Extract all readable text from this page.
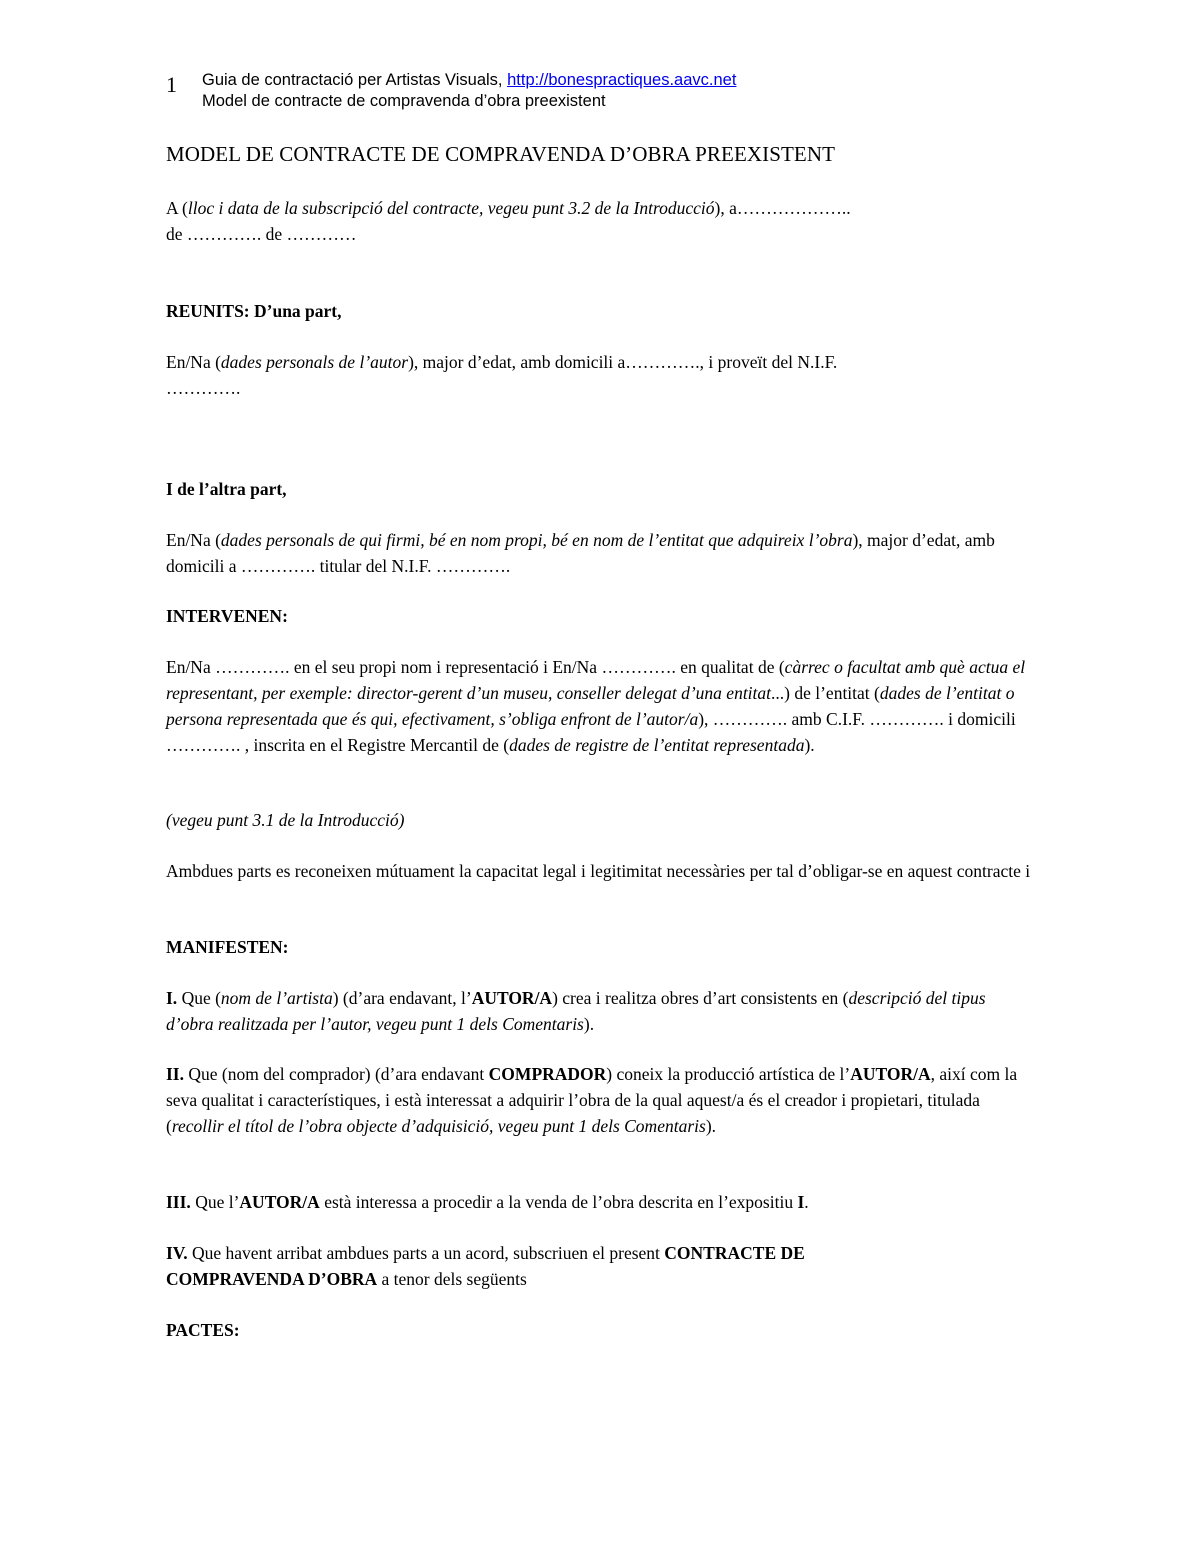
1 Guia de contractació per Artistas Visuals, http://bonespractiques.aavc.net
Model de contracte de compravenda d’obra preexistent
MODEL DE CONTRACTE DE COMPRAVENDA D’OBRA PREEXISTENT
A (lloc i data de la subscripció del contracte, vegeu punt 3.2 de la Introducció), a………………..
de …………. de …………
REUNITS: D’una part,
En/Na (dades personals de l’autor), major d’edat, amb domicili a…………., i proveït del N.I.F.
………….
I de l’altra part,
En/Na (dades personals de qui firmi, bé en nom propi, bé en nom de l’entitat que adquireix l’obra), major d’edat, amb domicili a …………. titular del N.I.F. ………….
INTERVENEN:
En/Na …………. en el seu propi nom i representació i En/Na …………. en qualitat de (càrrec o facultat amb què actua el representant, per exemple: director-gerent d’un museu, conseller delegat d’una entitat...) de l’entitat (dades de l’entitat o persona representada que és qui, efectivament, s’obliga enfront de l’autor/a), …………. amb C.I.F. …………. i domicili …………. , inscrita en el Registre Mercantil de (dades de registre de l’entitat representada).
(vegeu punt 3.1 de la Introducció)
Ambdues parts es reconeixen mútuament la capacitat legal i legitimitat necessàries per tal d’obligar-se en aquest contracte i
MANIFESTEN:
I. Que (nom de l’artista) (d’ara endavant, l’AUTOR/A) crea i realitza obres d’art consistents en (descripció del tipus d’obra realitzada per l’autor, vegeu punt 1 dels Comentaris).
II. Que (nom del comprador) (d’ara endavant COMPRADOR) coneix la producció artística de l’AUTOR/A, així com la seva qualitat i característiques, i està interessat a adquirir l’obra de la qual aquest/a és el creador i propietari, titulada (recollir el títol de l’obra objecte d’adquisició, vegeu punt 1 dels Comentaris).
III. Que l’AUTOR/A està interessa a procedir a la venda de l’obra descrita en l’expositiu I.
IV. Que havent arribat ambdues parts a un acord, subscriuen el present CONTRACTE DE COMPRAVENDA D’OBRA a tenor dels següents
PACTES:
